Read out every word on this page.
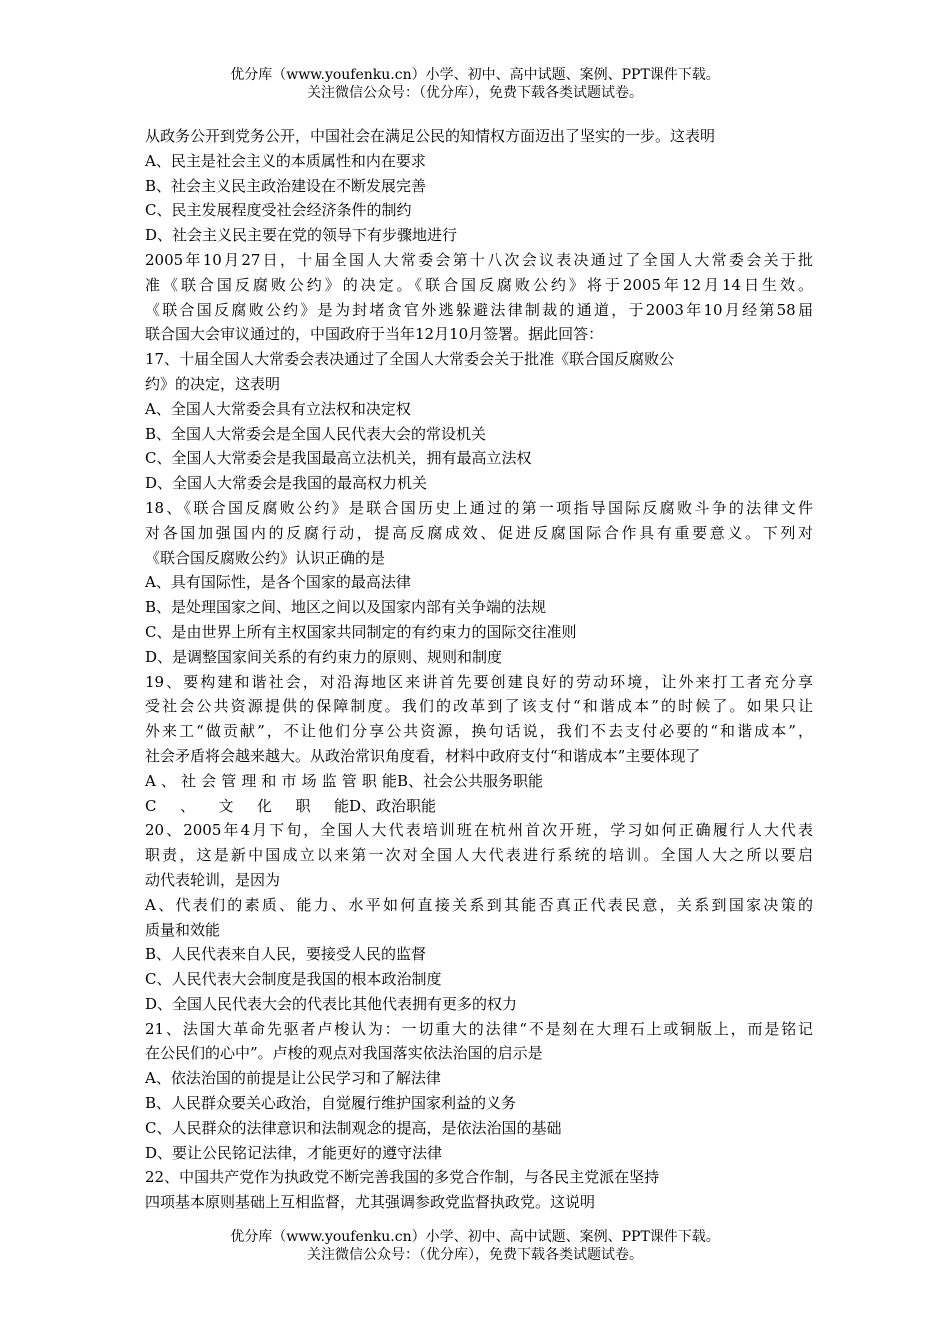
优分库（www.youfenku.cn）小学、初中、高中试题、案例、PPT课件下载。
关注微信公众号：（优分库），免费下载各类试题试卷。
从政务公开到党务公开，中国社会在满足公民的知情权方面迈出了坚实的一步。这表明
A、民主是社会主义的本质属性和内在要求
B、社会主义民主政治建设在不断发展完善
C、民主发展程度受社会经济条件的制约
D、社会主义民主要在党的领导下有步骤地进行
2005年10月27日，十届全国人大常委会第十八次会议表决通过了全国人大常委会关于批
准《联合国反腐败公约》的决定。《联合国反腐败公约》将于2005年12月14日生效。
《联合国反腐败公约》是为封堵贪官外逃躲避法律制裁的通道，于2003年10月经第58届
联合国大会审议通过的，中国政府于当年12月10月签署。据此回答：
17、十届全国人大常委会表决通过了全国人大常委会关于批准《联合国反腐败公
约》的决定，这表明
A、全国人大常委会具有立法权和决定权
B、全国人大常委会是全国人民代表大会的常设机关
C、全国人大常委会是我国最高立法机关，拥有最高立法权
D、全国人大常委会是我国的最高权力机关
18、《联合国反腐败公约》是联合国历史上通过的第一项指导国际反腐败斗争的法律文件
对各国加强国内的反腐行动，提高反腐成效、促进反腐国际合作具有重要意义。下列对
《联合国反腐败公约》认识正确的是
A、具有国际性，是各个国家的最高法律
B、是处理国家之间、地区之间以及国家内部有关争端的法规
C、是由世界上所有主权国家共同制定的有约束力的国际交往准则
D、是调整国家间关系的有约束力的原则、规则和制度
19、要构建和谐社会，对沿海地区来讲首先要创建良好的劳动环境，让外来打工者充分享
受社会公共资源提供的保障制度。我们的改革到了该支付“和谐成本”的时候了。如果只让
外来工“做贡献”，不让他们分享公共资源，换句话说，我们不去支付必要的“和谐成本”，
社会矛盾将会越来越大。从政治常识角度看，材料中政府支付“和谐成本”主要体现了
A、社会管理和市场监管职能 B、社会公共服务职能
C、文化职能 D、政治职能
20、2005年4月下旬，全国人大代表培训班在杭州首次开班，学习如何正确履行人大代表
职责，这是新中国成立以来第一次对全国人大代表进行系统的培训。全国人大之所以要启
动代表轮训，是因为
A、代表们的素质、能力、水平如何直接关系到其能否真正代表民意，关系到国家决策的
质量和效能
B、人民代表来自人民，要接受人民的监督
C、人民代表大会制度是我国的根本政治制度
D、全国人民代表大会的代表比其他代表拥有更多的权力
21、法国大革命先驱者卢梭认为：一切重大的法律“不是刻在大理石上或铜版上，而是铭记
在公民们的心中”。卢梭的观点对我国落实依法治国的启示是
A、依法治国的前提是让公民学习和了解法律
B、人民群众要关心政治，自觉履行维护国家利益的义务
C、人民群众的法律意识和法制观念的提高，是依法治国的基础
D、要让公民铭记法律，才能更好的遵守法律
22、中国共产党作为执政党不断完善我国的多党合作制，与各民主党派在坚持
四项基本原则基础上互相监督，尤其强调参政党监督执政党。这说明
优分库（www.youfenku.cn）小学、初中、高中试题、案例、PPT课件下载。
关注微信公众号：（优分库），免费下载各类试题试卷。
